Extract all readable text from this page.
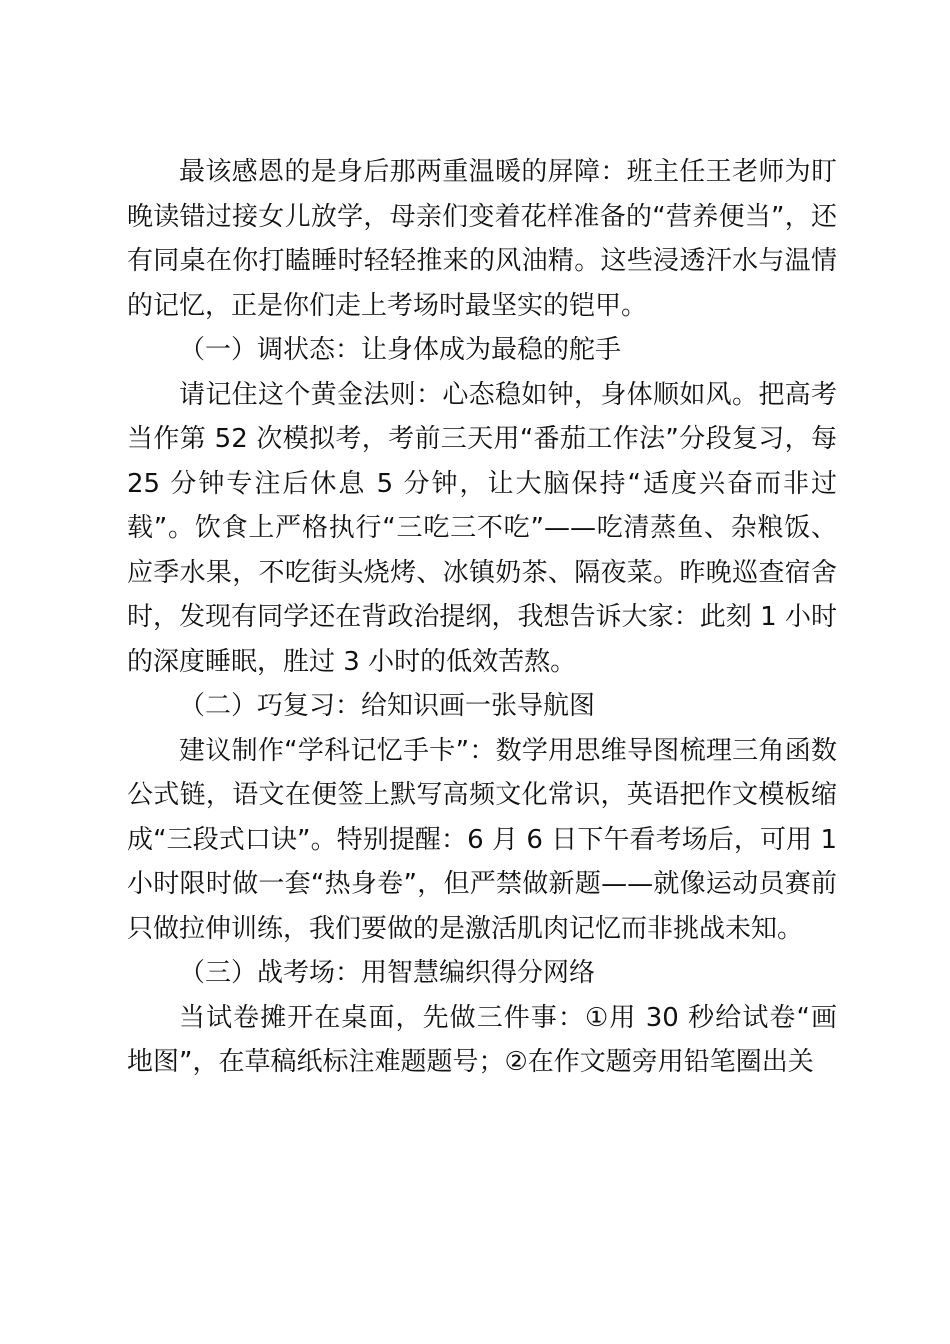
最该感恩的是身后那两重温暖的屏障：班主任王老师为盯晚读错过接女儿放学，母亲们变着花样准备的“营养便当”，还有同桌在你打瞌睡时轻轻推来的风油精。这些浸透汗水与温情的记忆，正是你们走上考场时最坚实的铠甲。

（一）调状态：让身体成为最稳的舵手

请记住这个黄金法则：心态稳如钟，身体顺如风。把高考当作第 52 次模拟考，考前三天用“番茄工作法”分段复习，每 25 分钟专注后休息 5 分钟，让大脑保持“适度兴奋而非过载”。饮食上严格执行“三吃三不吃”——吃清蒸鱼、杂粮饭、应季水果，不吃街头烧烤、冰镇奶茶、隔夜菜。昨晚巡查宿舍时，发现有同学还在背政治提纲，我想告诉大家：此刻 1 小时的深度睡眠，胜过 3 小时的低效苦熬。

（二）巧复习：给知识画一张导航图

建议制作“学科记忆手卡”：数学用思维导图梳理三角函数公式链，语文在便签上默写高频文化常识，英语把作文模板缩成“三段式口诀”。特别提醒：6 月 6 日下午看考场后，可用 1 小时限时做一套“热身卷”，但严禁做新题——就像运动员赛前只做拉伸训练，我们要做的是激活肌肉记忆而非挑战未知。

（三）战考场：用智慧编织得分网络

当试卷摊开在桌面，先做三件事：①用 30 秒给试卷“画地图”，在草稿纸标注难题题号；②在作文题旁用铅笔圈出关
